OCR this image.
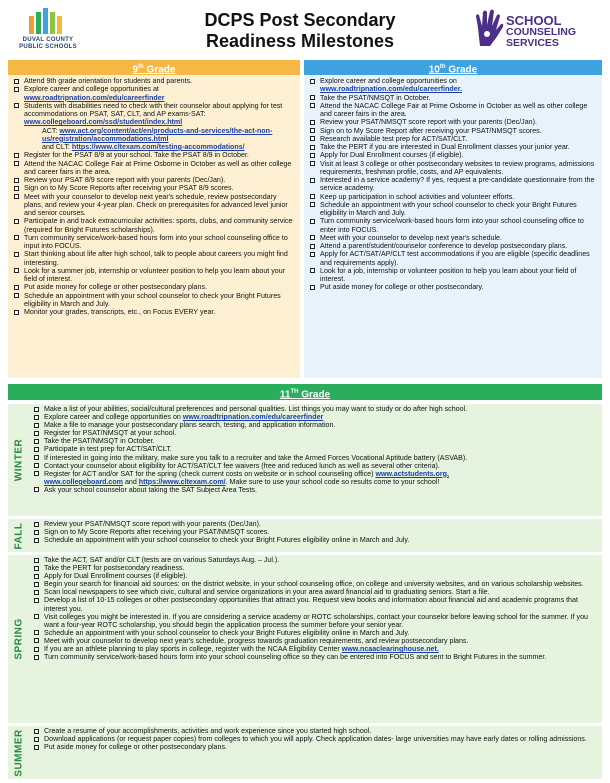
DUVAL COUNTY
PUBLIC SCHOOLS
DCPS Post Secondary
Readiness Milestones
SCHOOL
COUNSELING
SERVICES
9th Grade
Attend 9th grade orientation for students and parents.
Explore career and college opportunities at www.roadtripnation.com/edu/careerfinder
Students with disabilities need to check with their counselor about applying for test accommodations on PSAT, SAT, CLT, and AP exams-SAT: www.collegeboard.com/ssd/student/index.html
ACT: www.act.org/content/act/en/products-and-services/the-act-non-us/registration/accommodations.html
and CLT: https://www.cltexam.com/testing-accommodations/
Register for the PSAT 8/9 at your school. Take the PSAT 8/9 in October.
Attend the NACAC College Fair at Prime Osborne in October as well as other college and career fairs in the area.
Review your PSAT 8/9 score report with your parents (Dec/Jan).
Sign on to My Score Reports after receiving your PSAT 8/9 scores.
Meet with your counselor to develop next year's schedule, review postsecondary plans, and review your 4-year plan. Check on prerequisites for advanced level junior and senior courses.
Participate in and track extracurricular activities: sports, clubs, and community service (required for Bright Futures scholarships).
Turn community service/work-based hours form into your school counseling office to input into FOCUS.
Start thinking about life after high school, talk to people about careers you might find interesting.
Look for a summer job, internship or volunteer position to help you learn about your field of interest.
Put aside money for college or other postsecondary plans.
Schedule an appointment with your school counselor to check your Bright Futures eligibility in March and July.
Monitor your grades, transcripts, etc., on Focus EVERY year.
10th Grade
Explore career and college opportunities on www.roadtripnation.com/edu/careerfinder.
Take the PSAT/NMSQT in October.
Attend the NACAC College Fair at Prime Osborne in October as well as other college and career fairs in the area.
Review your PSAT/NMSQT score report with your parents (Dec/Jan).
Sign on to My Score Report after receiving your PSAT/NMSQT scores.
Research available test prep for ACT/SAT/CLT.
Take the PERT if you are interested in Dual Enrollment classes your junior year.
Apply for Dual Enrollment courses (if eligible).
Visit at least 3 college or other postsecondary websites to review programs, admissions requirements, freshman profile, costs, and AP equivalents.
Interested in a service academy? If yes, request a pre-candidate questionnaire from the service academy.
Keep up participation in school activities and volunteer efforts.
Schedule an appointment with your school counselor to check your Bright Futures eligibility in March and July.
Turn community service/work-based hours form into your school counseling office to enter into FOCUS.
Meet with your counselor to develop next year's schedule.
Attend a parent/student/counselor conference to develop postsecondary plans.
Apply for ACT/SAT/AP/CLT test accommodations if you are eligible (specific deadlines and requirements apply).
Look for a job, internship or volunteer position to help you learn about your field of interest.
Put aside money for college or other postsecondary.
11TH Grade
WINTER
Make a list of your abilities, social/cultural preferences and personal qualities. List things you may want to study or do after high school.
Explore career and college opportunities on www.roadtripnation.com/edu/careerfinder
Make a file to manage your postsecondary plans search, testing, and application information.
Register for PSAT/NMSQT at your school.
Take the PSAT/NMSQT in October.
Participate in test prep for ACT/SAT/CLT.
If interested in going into the military, make sure you talk to a recruiter and take the Armed Forces Vocational Aptitude battery (ASVAB).
Contact your counselor about eligibility for ACT/SAT/CLT fee waivers (free and reduced lunch as well as several other criteria).
Register for ACT and/or SAT for the spring (check current costs on website or in school counseling office) www.actstudents.org,
www.collegeboard.com and https://www.cltexam.com/. Make sure to use your school code so results come to your school!
Ask your school counselor about taking the SAT Subject Area Tests.
FALL	Review your PSAT/NMSQT score report with your parents (Dec/Jan).
Sign on to My Score Reports after receiving your PSAT/NMSQT scores.
Schedule an appointment with your school counselor to check your Bright Futures eligibility online in March and July.
SPRING
Take the ACT, SAT and/or CLT (tests are on various Saturdays Aug. – Jul.).
Take the PERT for postsecondary readiness.
Apply for Dual Enrollment courses (if eligible).
Begin your search for financial aid sources: on the district website, in your school counseling office, on college and university websites, and on various scholarship websites.
Scan local newspapers to see which civic, cultural and service organizations in your area award financial aid to graduating seniors. Start a file.
Develop a list of 10-15 colleges or other postsecondary opportunities that attract you. Request view books and information about financial aid and academic programs that interest you.
Visit colleges you might be interested in. If you are considering a service academy or ROTC scholarships, contact your counselor before leaving school for the summer. If you want a four-year ROTC scholarship, you should begin the application process the summer before your senior year.
Schedule an appointment with your school counselor to check your Bright Futures eligibility online in March and July.
Meet with your counselor to develop next year's schedule, progress towards graduation requirements, and review postsecondary plans.
If you are an athlete planning to play sports in college, register with the NCAA Eligibility Center www.ncaaclearinghouse.net.
Turn community service/work-based hours form into your school counseling office so they can be entered into FOCUS and sent to Bright Futures in the summer.
SUMMER	Create a resume of your accomplishments, activities and work experience since you started high school.
Download applications (or request paper copies) from colleges to which you will apply. Check application dates- large universities may have early dates or rolling admissions.
Put aside money for college or other postsecondary plans.
